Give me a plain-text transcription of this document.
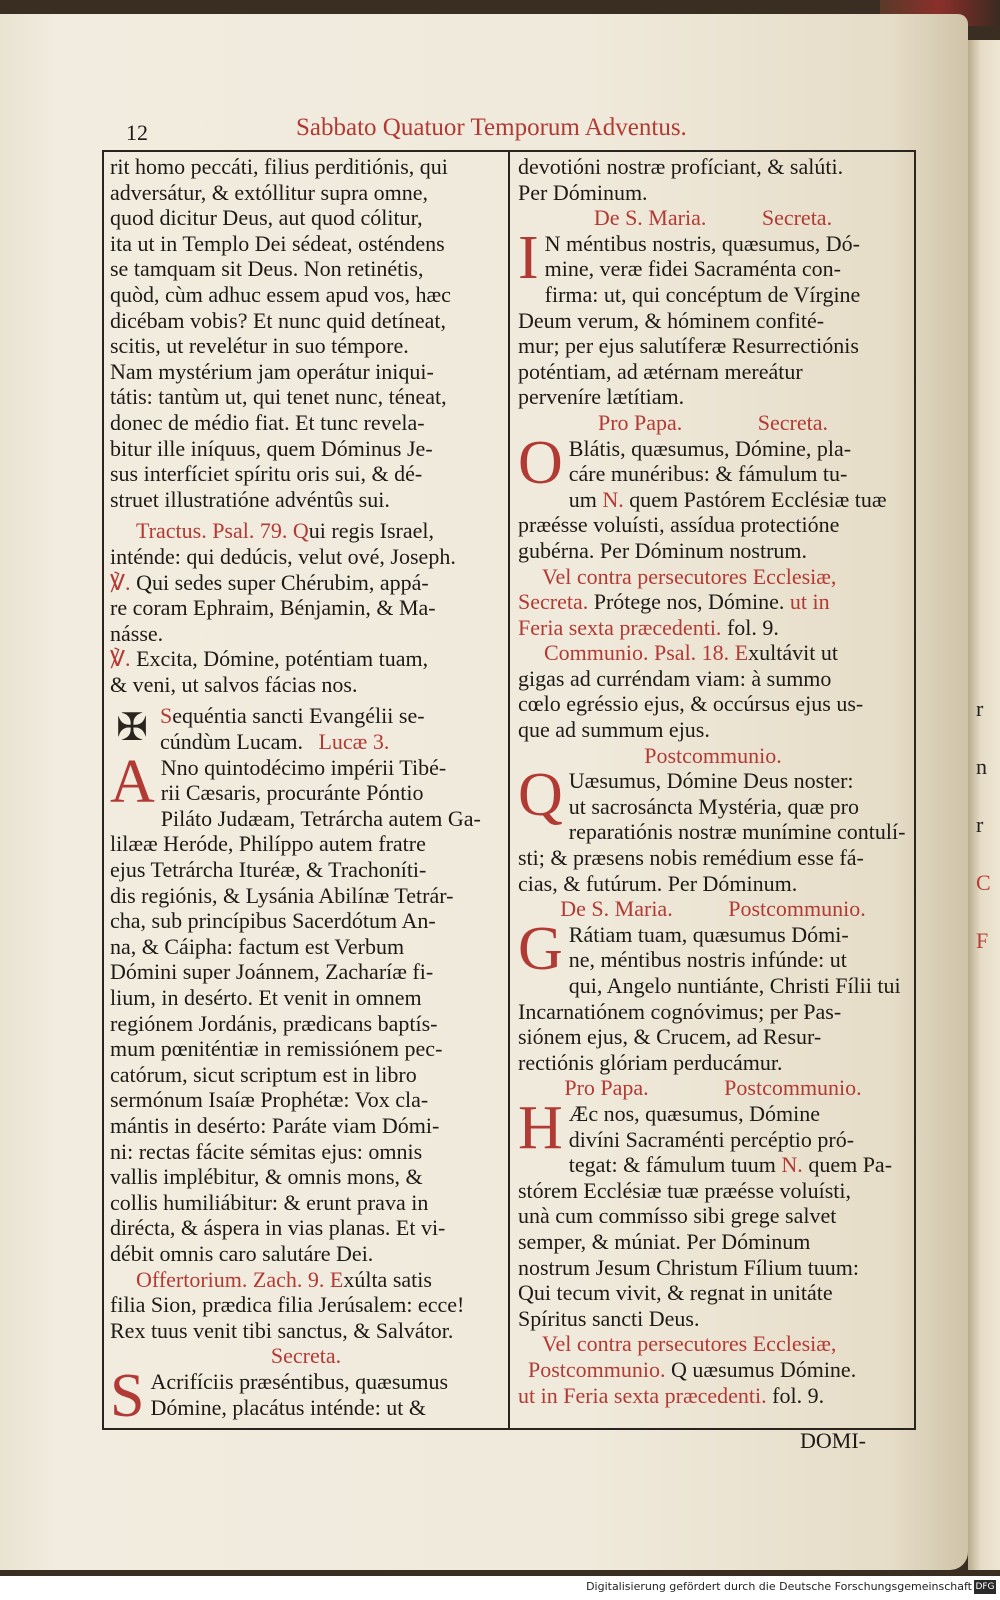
r
n
r
C
F
12	Sabbato Quatuor Temporum Adventus.

rit homo peccáti, filius perditiónis, qui

adversátur, & extóllitur supra omne,

quod dicitur Deus, aut quod cólitur,

ita ut in Templo Dei sédeat, osténdens

se tamquam sit Deus. Non retinétis,

quòd, cùm adhuc essem apud vos, hæc

dicébam vobis? Et nunc quid detíneat,

scitis, ut revelétur in suo témpore.

Nam mystérium jam operátur iniqui-

tátis: tantùm ut, qui tenet nunc, téneat,

donec de médio fiat. Et tunc revela-

bitur ille iníquus, quem Dóminus Je-

sus interfíciet spíritu oris sui, & dé-

struet illustratióne advéntûs sui.

Tractus. Psal. 79. Qui regis Israel,

inténde: qui dedúcis, velut ové, Joseph.

℣. Qui sedes super Chérubim, appá-

re coram Ephraim, Bénjamin, & Ma-

násse.

℣. Excita, Dómine, poténtiam tuam,

& veni, ut salvos fácias nos.

✠ Sequéntia sancti Evangélii se-

cúndùm Lucam. Lucæ 3.

A Nno quintodécimo impérii Tibé-

rii Cæsaris, procuránte Póntio

Piláto Judæam, Tetrárcha autem Ga-

lilææ Heróde, Philíppo autem fratre

ejus Tetrárcha Ituréæ, & Trachoníti-

dis regiónis, & Lysánia Abilínæ Tetrár-

cha, sub princípibus Sacerdótum An-

na, & Cáipha: factum est Verbum

Dómini super Joánnem, Zacharíæ fi-

lium, in desérto. Et venit in omnem

regiónem Jordánis, prædicans baptís-

mum pœniténtiæ in remissiónem pec-

catórum, sicut scriptum est in libro

sermónum Isaíæ Prophétæ: Vox cla-

mántis in desérto: Paráte viam Dómi-

ni: rectas fácite sémitas ejus: omnis

vallis implébitur, & omnis mons, &

collis humiliábitur: & erunt prava in

dirécta, & áspera in vias planas. Et vi-

débit omnis caro salutáre Dei.

Offertorium. Zach. 9. Exúlta satis

filia Sion, prædica filia Jerúsalem: ecce!

Rex tuus venit tibi sanctus, & Salvátor.

Secreta.

S Acrifíciis præséntibus, quæsumus

Dómine, placátus inténde: ut &

devotióni nostræ profíciant, & salúti.

Per Dóminum.

De S. Maria.	Secreta.

I N méntibus nostris, quæsumus, Dó-

mine, veræ fidei Sacraménta con-

firma: ut, qui concéptum de Vírgine

Deum verum, & hóminem confité-

mur; per ejus salutíferæ Resurrectiónis

poténtiam, ad ætérnam mereátur

perveníre lætítiam.

Pro Papa.	Secreta.

O Blátis, quæsumus, Dómine, pla-

cáre munéribus: & fámulum tu-

um N. quem Pastórem Ecclésiæ tuæ

præésse voluísti, assídua protectióne

gubérna. Per Dóminum nostrum.

Vel contra persecutores Ecclesiæ,

Secreta. Prótege nos, Dómine. ut in

Feria sexta præcedenti. fol. 9.

Communio. Psal. 18. Exultávit ut

gigas ad curréndam viam: à summo

cœlo egréssio ejus, & occúrsus ejus us-

que ad summum ejus.

Postcommunio.

Q Uæsumus, Dómine Deus noster:

ut sacrosáncta Mystéria, quæ pro

reparatiónis nostræ munímine contulí-

sti; & præsens nobis remédium esse fá-

cias, & futúrum. Per Dóminum.

De S. Maria.	Postcommunio.

G Rátiam tuam, quæsumus Dómi-

ne, méntibus nostris infúnde: ut

qui, Angelo nuntiánte, Christi Fílii tui

Incarnatiónem cognóvimus; per Pas-

siónem ejus, & Crucem, ad Resur-

rectiónis glóriam perducámur.

Pro Papa.	Postcommunio.

H Æc nos, quæsumus, Dómine

divíni Sacraménti percéptio pró-

tegat: & fámulum tuum N. quem Pa-

stórem Ecclésiæ tuæ præésse voluísti,

unà cum commísso sibi grege salvet

semper, & múniat. Per Dóminum

nostrum Jesum Christum Fílium tuum:

Qui tecum vivit, & regnat in unitáte

Spíritus sancti Deus.

Vel contra persecutores Ecclesiæ,

Postcommunio. Q uæsumus Dómine.

ut in Feria sexta præcedenti. fol. 9.

DOMI-
Digitalisierung gefördert durch die Deutsche Forschungsgemeinschaft DFG
